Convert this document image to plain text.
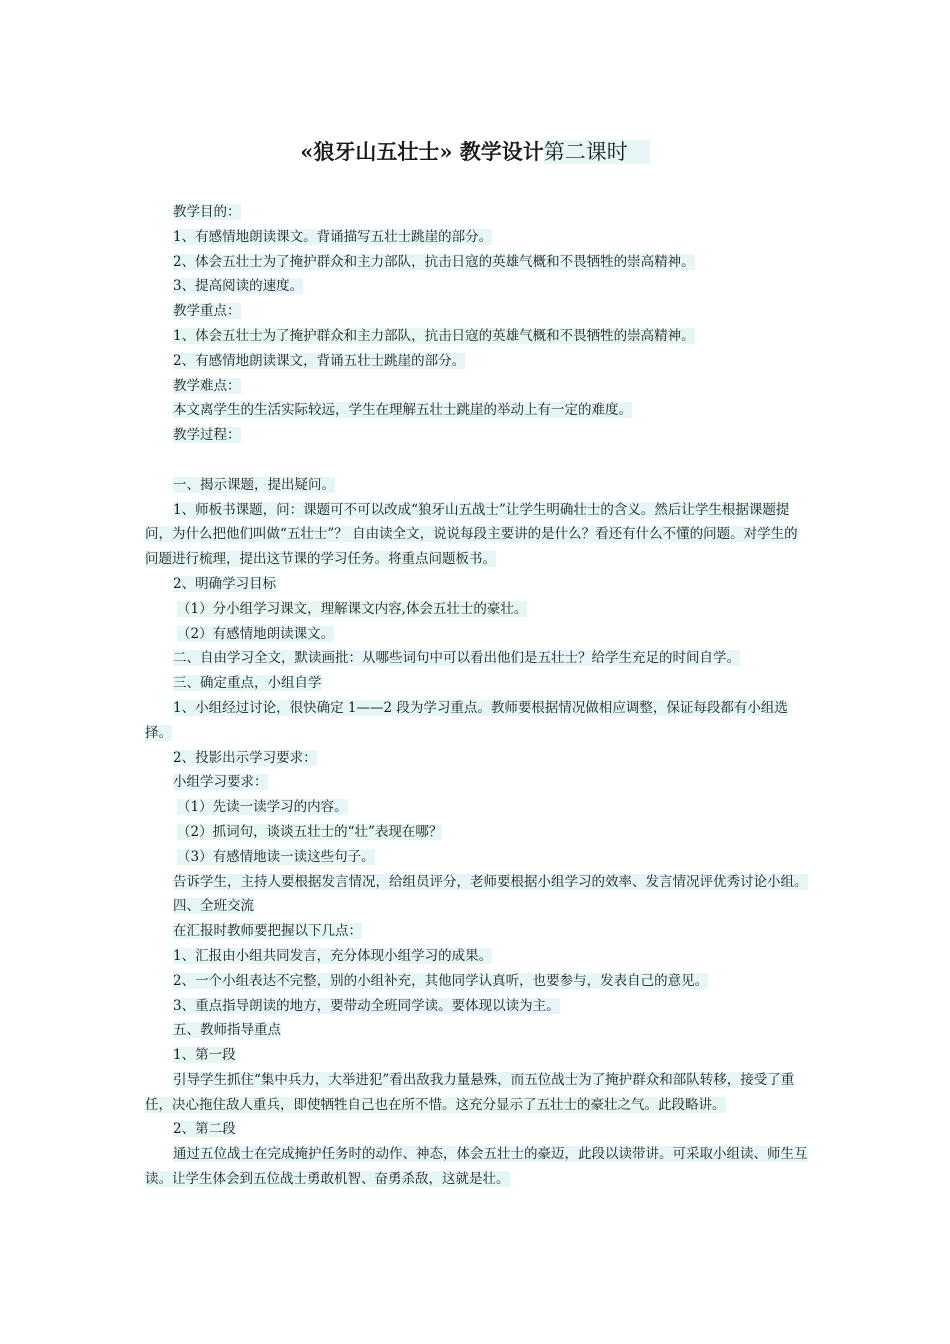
«狼牙山五壮士» 教学设计第二课时

教学目的：

1、有感情地朗读课文。背诵描写五壮士跳崖的部分。

2、体会五壮士为了掩护群众和主力部队，抗击日寇的英雄气概和不畏牺牲的崇高精神。

3、提高阅读的速度。

教学重点：

1、体会五壮士为了掩护群众和主力部队，抗击日寇的英雄气概和不畏牺牲的崇高精神。

2、有感情地朗读课文，背诵五壮士跳崖的部分。

教学难点：

本文离学生的生活实际较远，学生在理解五壮士跳崖的举动上有一定的难度。

教学过程：

一、揭示课题，提出疑问。

1、师板书课题，问：课题可不可以改成“狼牙山五战士”让学生明确壮士的含义。然后让学生根据课题提问，为什么把他们叫做“五壮士”？ 自由读全文，说说每段主要讲的是什么？看还有什么不懂的问题。对学生的问题进行梳理，提出这节课的学习任务。将重点问题板书。

2、明确学习目标

（1）分小组学习课文，理解课文内容,体会五壮士的豪壮。

（2）有感情地朗读课文。

二、自由学习全文，默读画批：从哪些词句中可以看出他们是五壮士？给学生充足的时间自学。

三、确定重点，小组自学

1、小组经过讨论，很快确定 1——2 段为学习重点。教师要根据情况做相应调整，保证每段都有小组选择。

2、投影出示学习要求：

小组学习要求：

（1）先读一读学习的内容。

（2）抓词句，谈谈五壮士的“壮”表现在哪？

（3）有感情地读一读这些句子。

告诉学生，主持人要根据发言情况，给组员评分，老师要根据小组学习的效率、发言情况评优秀讨论小组。

四、全班交流

在汇报时教师要把握以下几点：

1、汇报由小组共同发言，充分体现小组学习的成果。

2、一个小组表达不完整，别的小组补充，其他同学认真听，也要参与，发表自己的意见。

3、重点指导朗读的地方，要带动全班同学读。要体现以读为主。

五、教师指导重点

1、第一段

引导学生抓住“集中兵力，大举进犯”看出敌我力量悬殊，而五位战士为了掩护群众和部队转移，接受了重任，决心拖住敌人重兵，即使牺牲自己也在所不惜。这充分显示了五壮士的豪壮之气。此段略讲。

2、第二段

通过五位战士在完成掩护任务时的动作、神态，体会五壮士的豪迈，此段以读带讲。可采取小组读、师生互读。让学生体会到五位战士勇敢机智、奋勇杀敌，这就是壮。
